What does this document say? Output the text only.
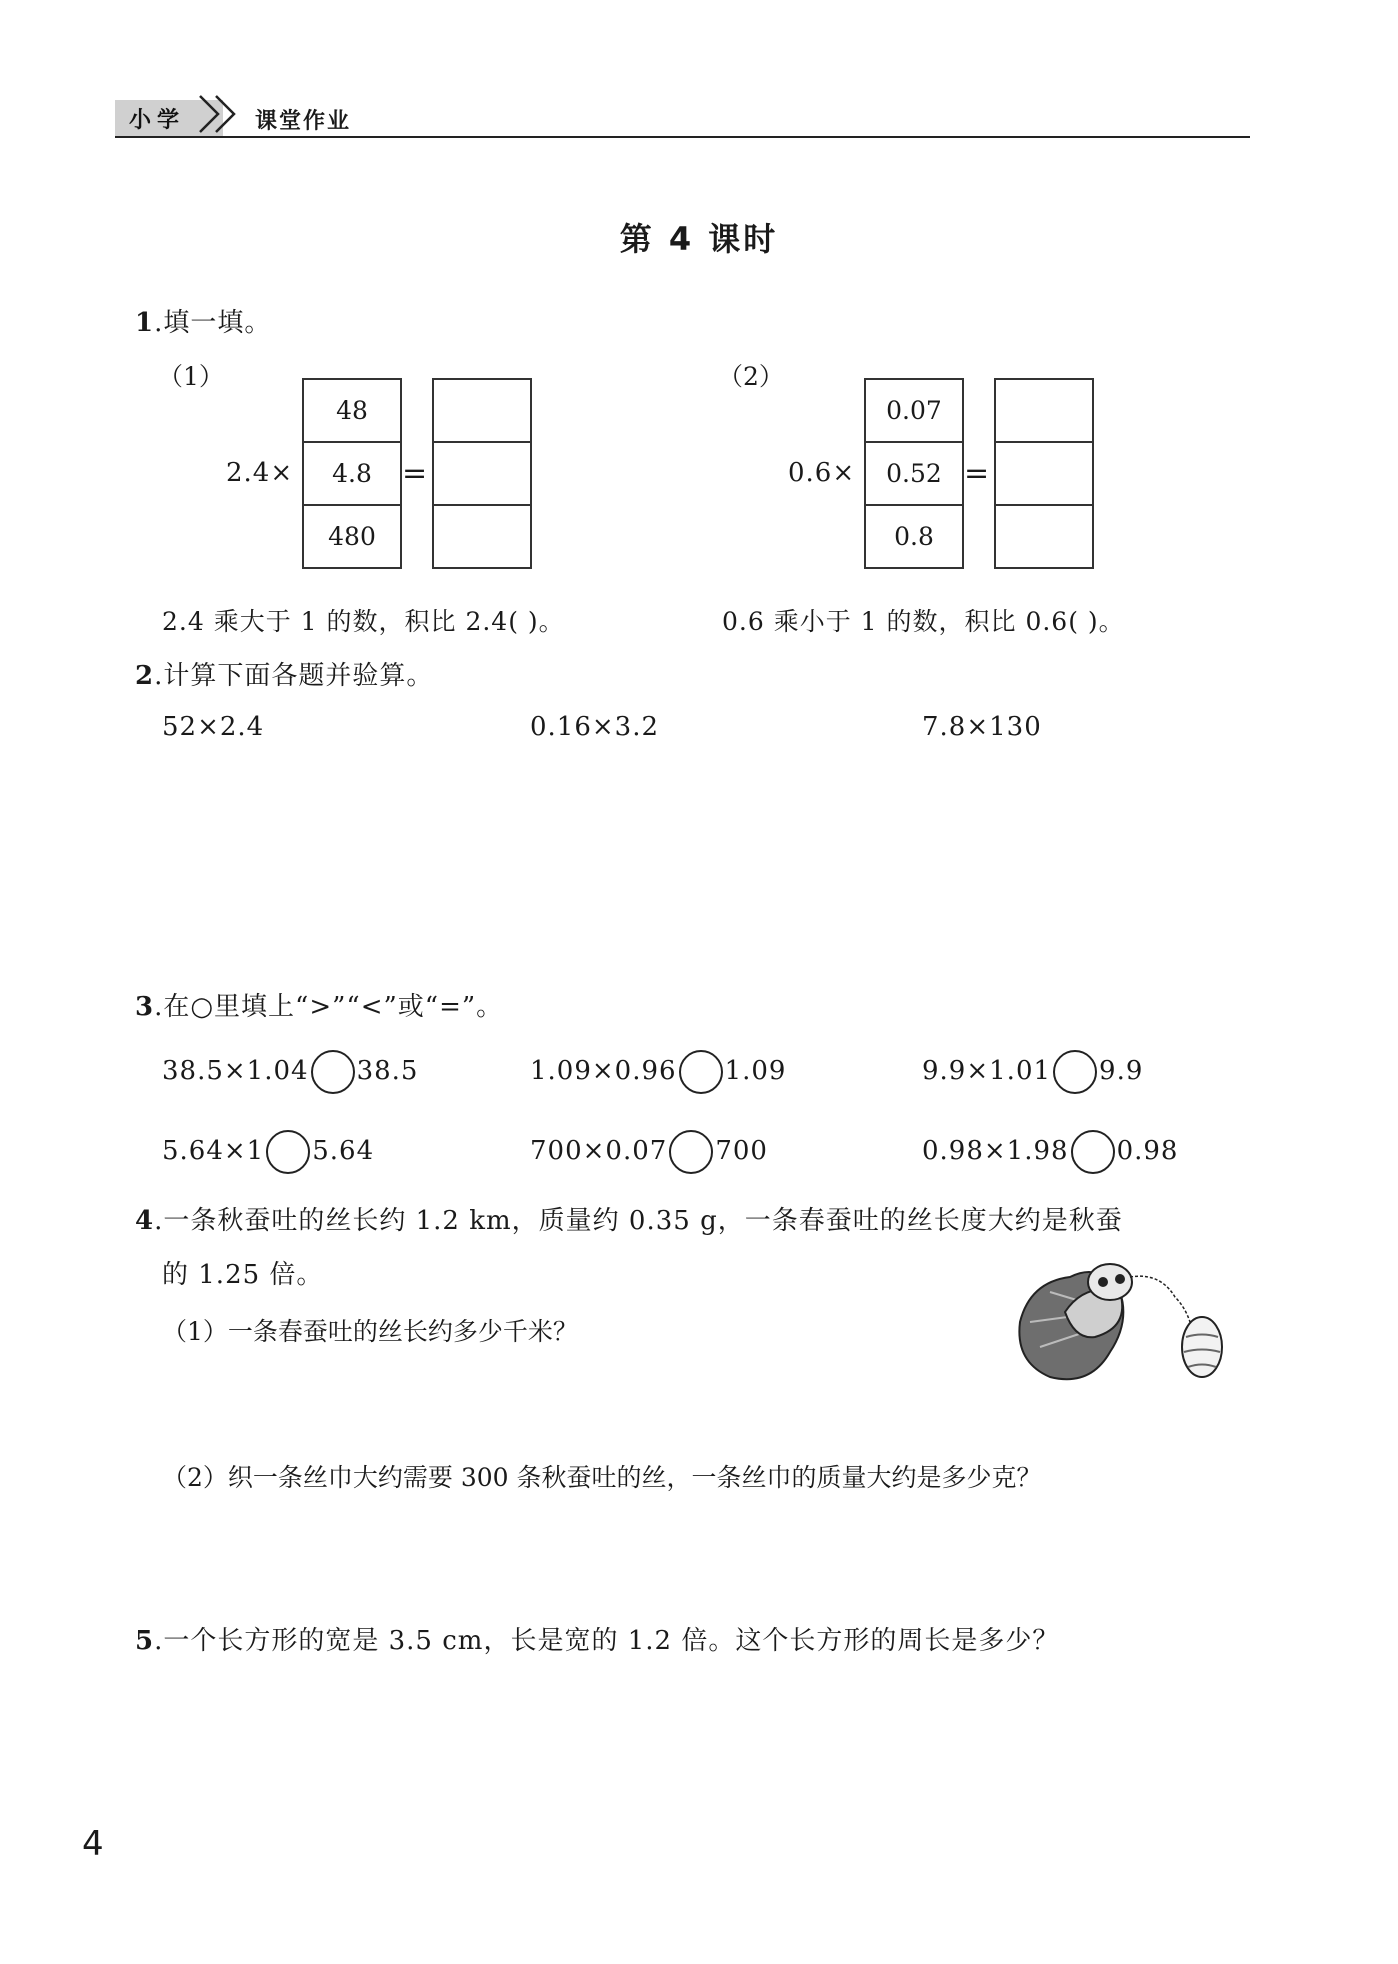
小学	课堂作业
第 4 课时
1.填一填。
（1）
2.4×
48
4.8
480
=
2.4 乘大于 1 的数，积比 2.4( )。
（2）
0.6×
0.07
0.52
0.8
=
0.6 乘小于 1 的数，积比 0.6( )。
2.计算下面各题并验算。
52×2.4	0.16×3.2	7.8×130
3.在○里填上“>”“<”或“=”。
38.5×1.04 38.5	1.09×0.96 1.09	9.9×1.01 9.9
5.64×1 5.64	700×0.07 700	0.98×1.98 0.98
4.一条秋蚕吐的丝长约 1.2 km，质量约 0.35 g，一条春蚕吐的丝长度大约是秋蚕
的 1.25 倍。
（1）一条春蚕吐的丝长约多少千米？
（2）织一条丝巾大约需要 300 条秋蚕吐的丝，一条丝巾的质量大约是多少克？
5.一个长方形的宽是 3.5 cm，长是宽的 1.2 倍。这个长方形的周长是多少？
4
